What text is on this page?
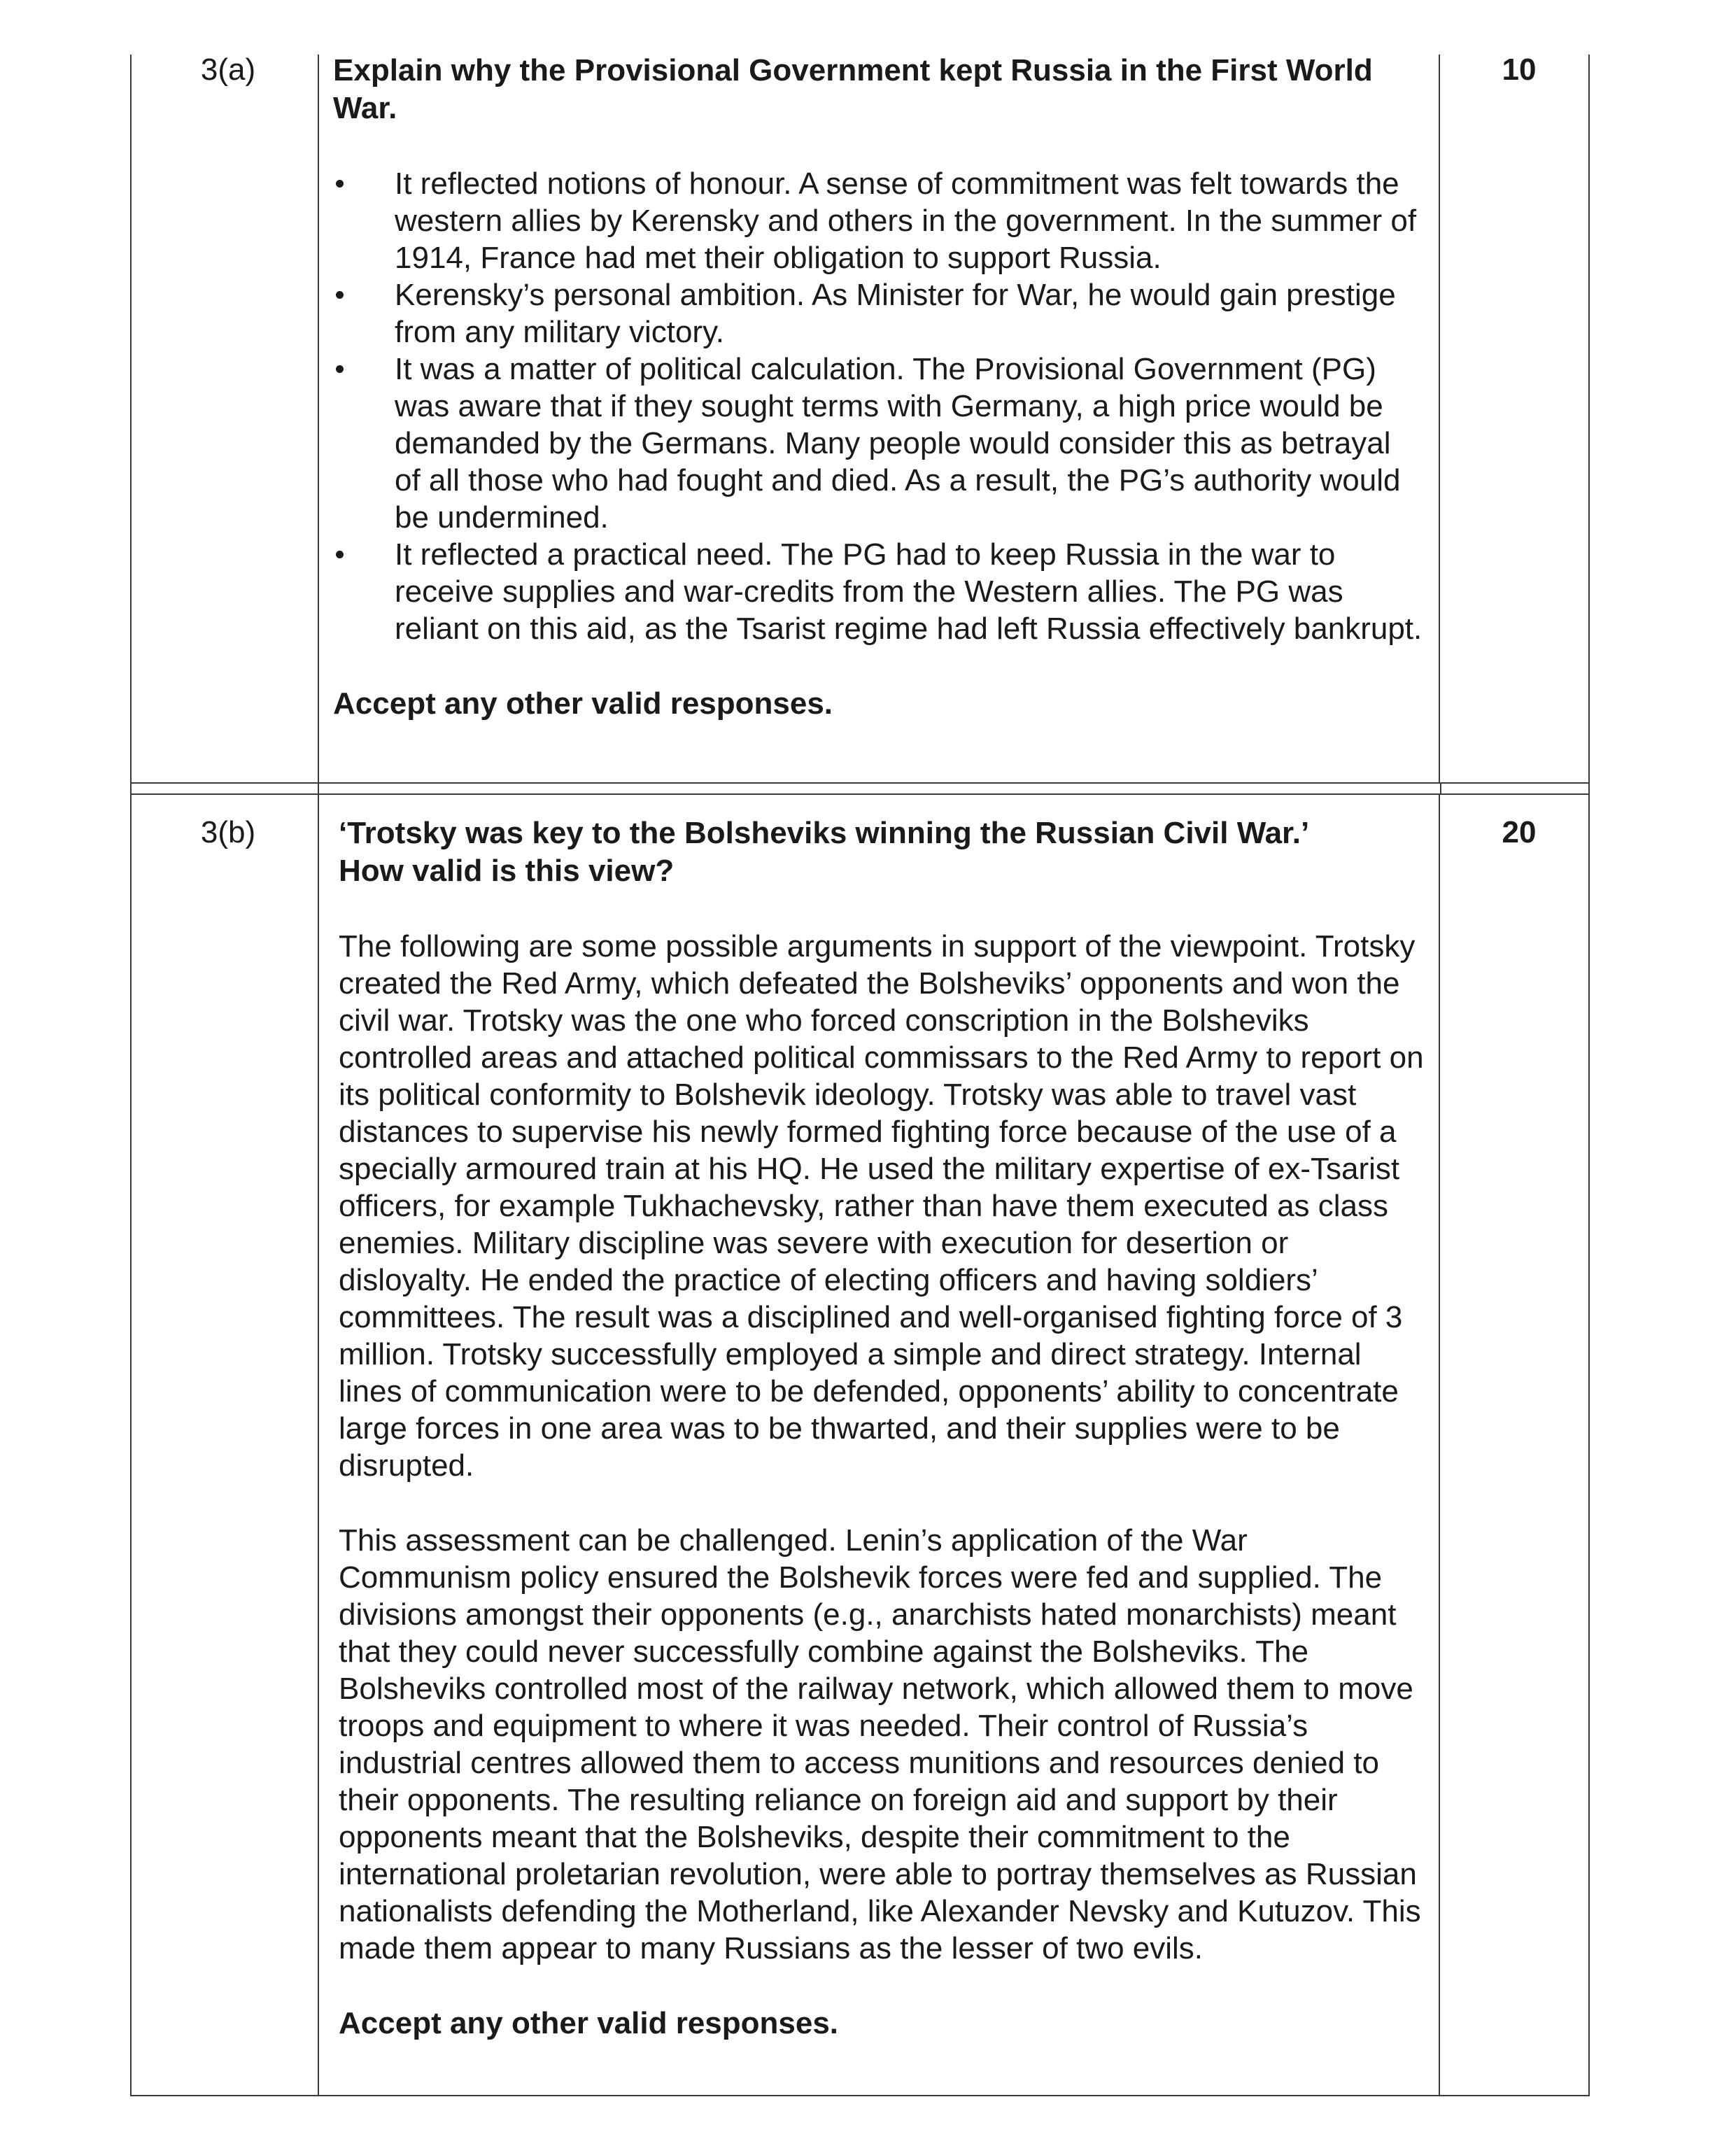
3(a)	Explain why the Provisional Government kept Russia in the First World War.

It reflected notions of honour. A sense of commitment was felt towards the western allies by Kerensky and others in the government. In the summer of 1914, France had met their obligation to support Russia.
Kerensky’s personal ambition. As Minister for War, he would gain prestige from any military victory.
It was a matter of political calculation. The Provisional Government (PG) was aware that if they sought terms with Germany, a high price would be demanded by the Germans. Many people would consider this as betrayal of all those who had fought and died. As a result, the PG’s authority would be undermined.
It reflected a practical need. The PG had to keep Russia in the war to receive supplies and war-credits from the Western allies. The PG was reliant on this aid, as the Tsarist regime had left Russia effectively bankrupt.

Accept any other valid responses.

10
3(b)	‘Trotsky was key to the Bolsheviks winning the Russian Civil War.’

How valid is this view?

The following are some possible arguments in support of the viewpoint. Trotsky created the Red Army, which defeated the Bolsheviks’ opponents and won the civil war. Trotsky was the one who forced conscription in the Bolsheviks controlled areas and attached political commissars to the Red Army to report on its political conformity to Bolshevik ideology. Trotsky was able to travel vast distances to supervise his newly formed fighting force because of the use of a specially armoured train at his HQ. He used the military expertise of ex-Tsarist officers, for example Tukhachevsky, rather than have them executed as class enemies. Military discipline was severe with execution for desertion or disloyalty. He ended the practice of electing officers and having soldiers’ committees. The result was a disciplined and well-organised fighting force of 3 million. Trotsky successfully employed a simple and direct strategy. Internal lines of communication were to be defended, opponents’ ability to concentrate large forces in one area was to be thwarted, and their supplies were to be disrupted.

This assessment can be challenged. Lenin’s application of the War Communism policy ensured the Bolshevik forces were fed and supplied. The divisions amongst their opponents (e.g., anarchists hated monarchists) meant that they could never successfully combine against the Bolsheviks. The Bolsheviks controlled most of the railway network, which allowed them to move troops and equipment to where it was needed. Their control of Russia’s industrial centres allowed them to access munitions and resources denied to their opponents. The resulting reliance on foreign aid and support by their opponents meant that the Bolsheviks, despite their commitment to the international proletarian revolution, were able to portray themselves as Russian nationalists defending the Motherland, like Alexander Nevsky and Kutuzov. This made them appear to many Russians as the lesser of two evils.

Accept any other valid responses.

20
